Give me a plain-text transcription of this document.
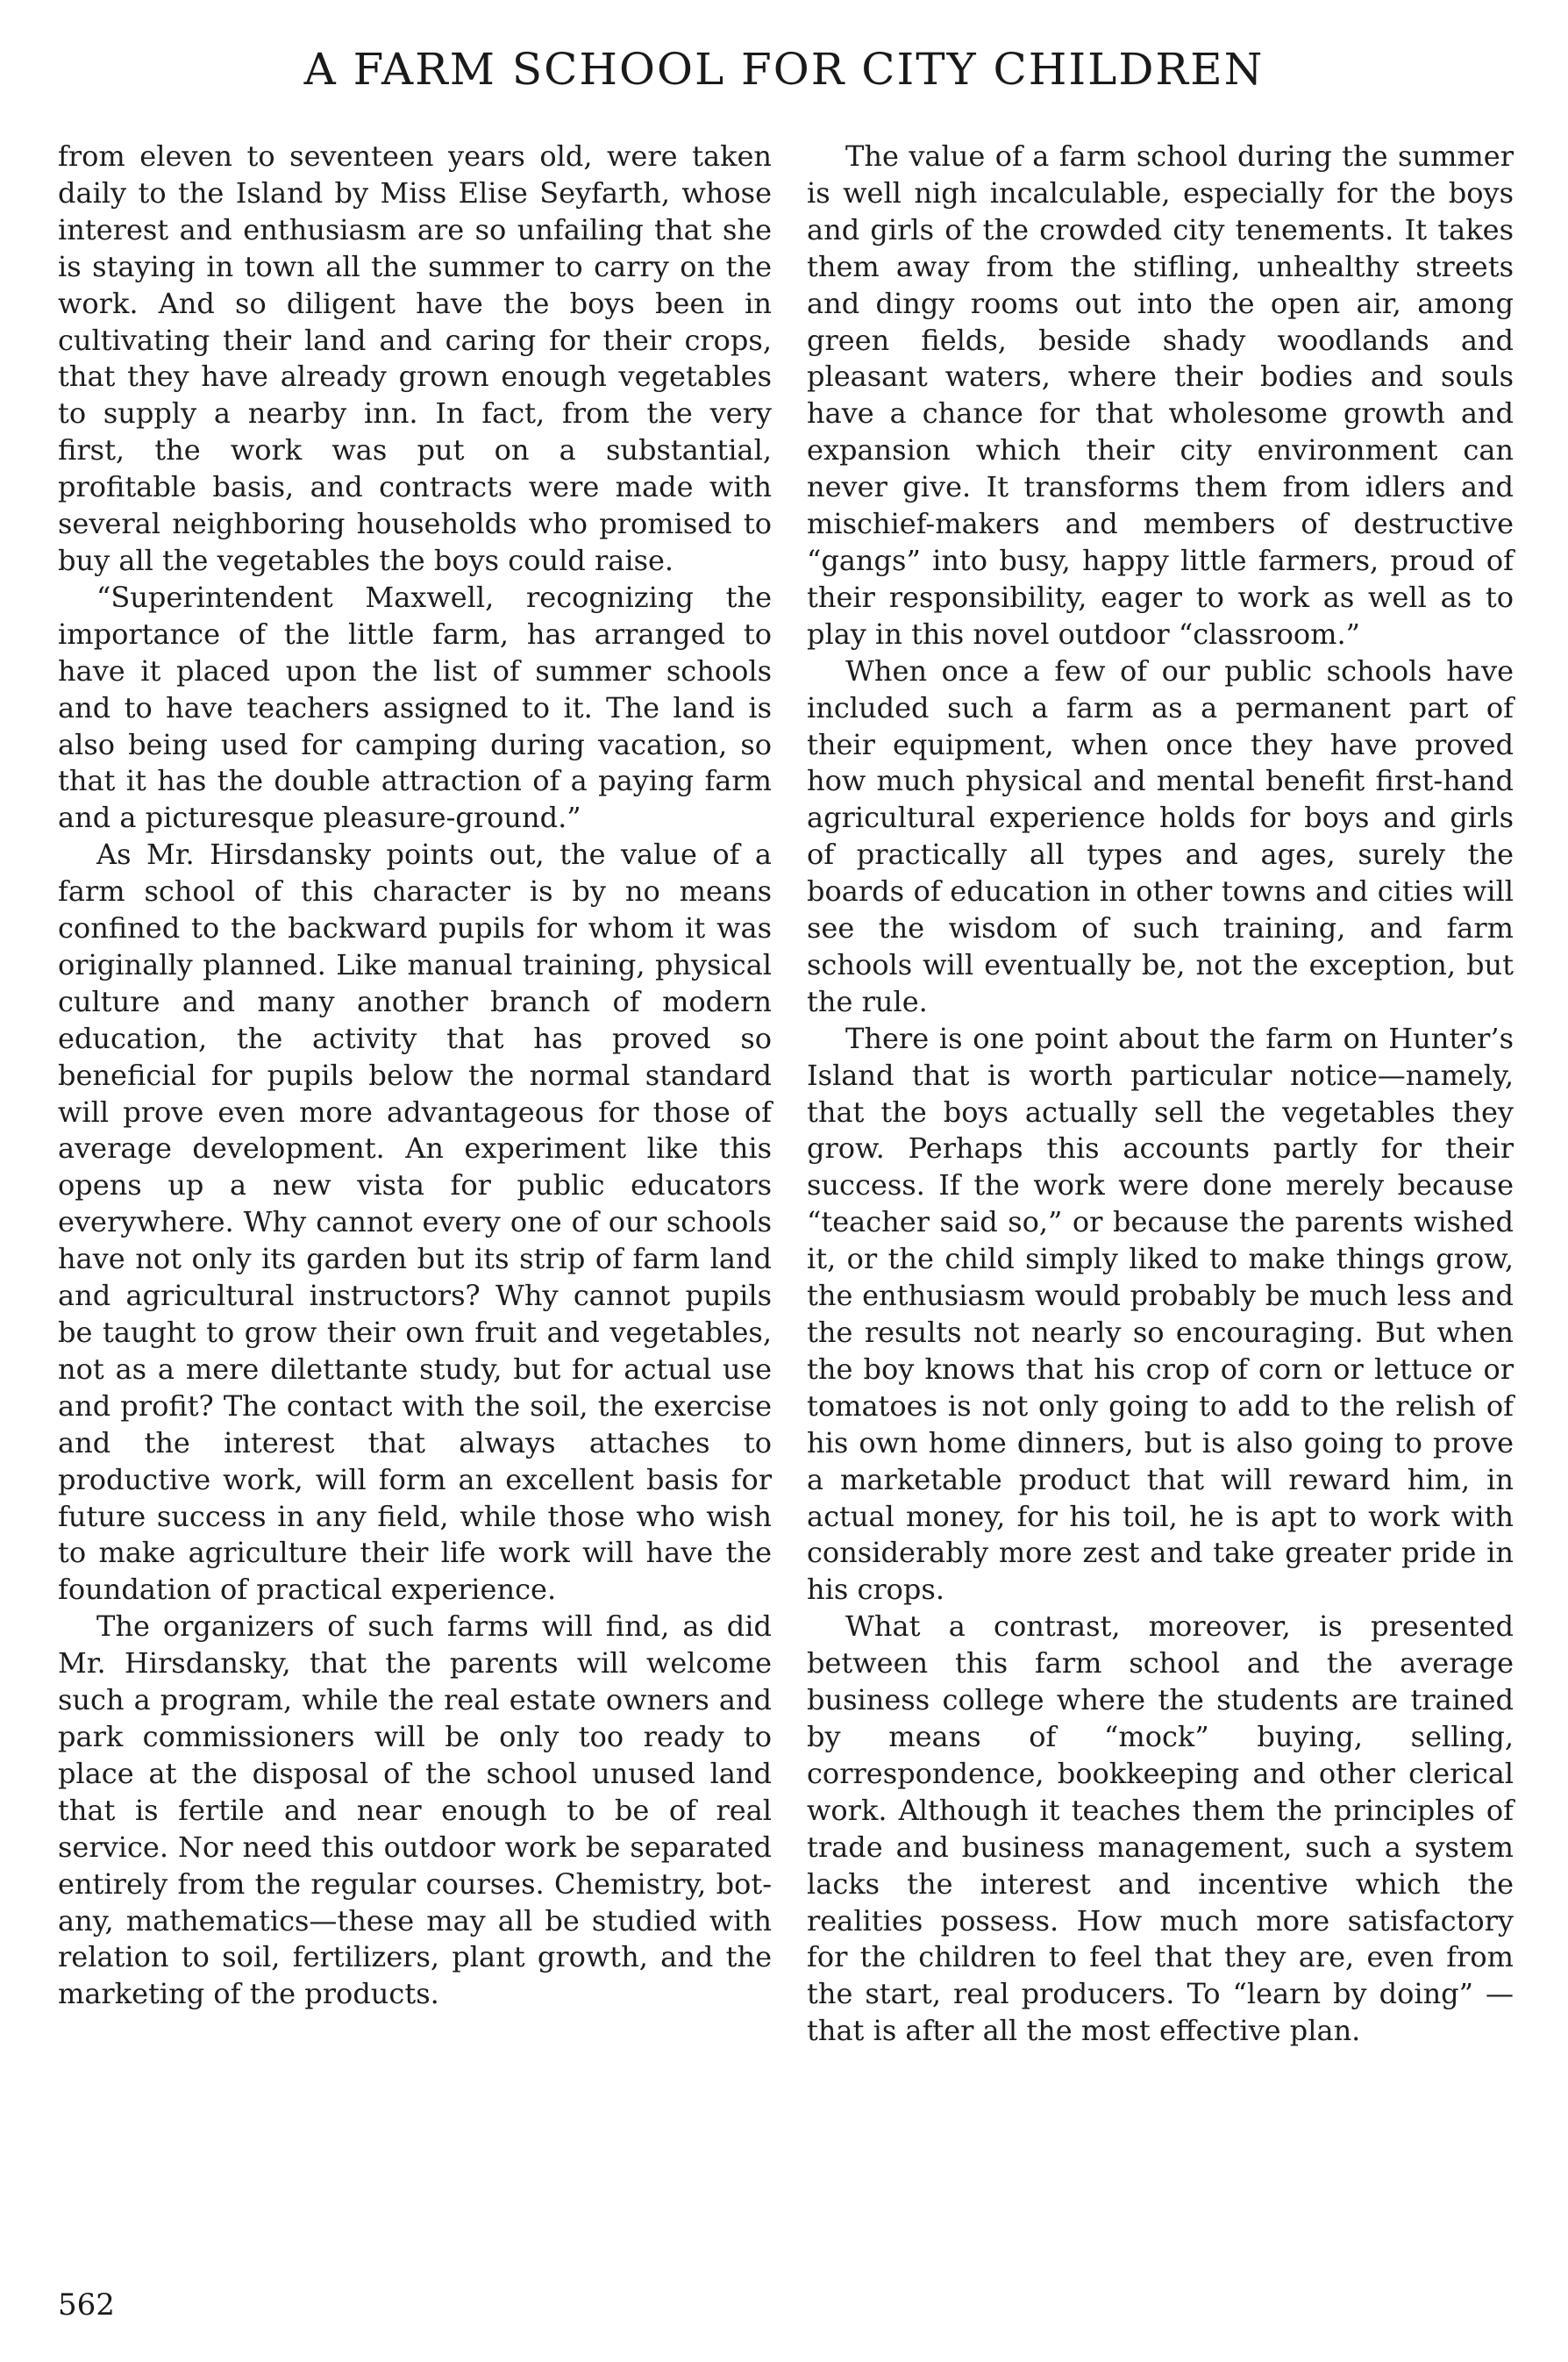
A FARM SCHOOL FOR CITY CHILDREN

from eleven to seventeen years old, were taken daily to the Island by Miss Elise Seyfarth, whose interest and enthusiasm are so unfailing that she is staying in town all the summer to carry on the work. And so diligent have the boys been in cultivating their land and caring for their crops, that they have already grown enough vegetables to supply a nearby inn. In fact, from the very first, the work was put on a substantial, profitable basis, and contracts were made with several neighboring households who promised to buy all the vegetables the boys could raise.

“Superintendent Maxwell, recognizing the importance of the little farm, has arranged to have it placed upon the list of summer schools and to have teachers assigned to it. The land is also being used for camping during vacation, so that it has the double attraction of a paying farm and a picturesque pleasure-ground.”

As Mr. Hirsdansky points out, the value of a farm school of this character is by no means confined to the backward pupils for whom it was originally planned. Like manual training, physical culture and many another branch of modern education, the activity that has proved so beneficial for pupils below the normal standard will prove even more advantageous for those of average development. An experiment like this opens up a new vista for public educators everywhere. Why cannot every one of our schools have not only its garden but its strip of farm land and agricultural instructors? Why cannot pupils be taught to grow their own fruit and vegetables, not as a mere dilettante study, but for actual use and profit? The contact with the soil, the exercise and the interest that always attaches to productive work, will form an excellent basis for future success in any field, while those who wish to make agriculture their life work will have the foundation of practical experience.

The organizers of such farms will find, as did Mr. Hirsdansky, that the parents will welcome such a program, while the real estate owners and park commissioners will be only too ready to place at the disposal of the school unused land that is fertile and near enough to be of real service. Nor need this outdoor work be separated entirely from the regular courses. Chemistry, botany, mathematics—these may all be studied with relation to soil, fertilizers, plant growth, and the marketing of the products.

The value of a farm school during the summer is well nigh incalculable, especially for the boys and girls of the crowded city tenements. It takes them away from the stifling, unhealthy streets and dingy rooms out into the open air, among green fields, beside shady woodlands and pleasant waters, where their bodies and souls have a chance for that wholesome growth and expansion which their city environment can never give. It transforms them from idlers and mischief-makers and members of destructive “gangs” into busy, happy little farmers, proud of their responsibility, eager to work as well as to play in this novel outdoor “classroom.”

When once a few of our public schools have included such a farm as a permanent part of their equipment, when once they have proved how much physical and mental benefit first-hand agricultural experience holds for boys and girls of practically all types and ages, surely the boards of education in other towns and cities will see the wisdom of such training, and farm schools will eventually be, not the exception, but the rule.

There is one point about the farm on Hunter’s Island that is worth particular notice—namely, that the boys actually sell the vegetables they grow. Perhaps this accounts partly for their success. If the work were done merely because “teacher said so,” or because the parents wished it, or the child simply liked to make things grow, the enthusiasm would probably be much less and the results not nearly so encouraging. But when the boy knows that his crop of corn or lettuce or tomatoes is not only going to add to the relish of his own home dinners, but is also going to prove a marketable product that will reward him, in actual money, for his toil, he is apt to work with considerably more zest and take greater pride in his crops.

What a contrast, moreover, is presented between this farm school and the average business college where the students are trained by means of “mock” buying, selling, correspondence, bookkeeping and other clerical work. Although it teaches them the principles of trade and business management, such a system lacks the interest and incentive which the realities possess. How much more satisfactory for the children to feel that they are, even from the start, real producers. To “learn by doing” —that is after all the most effective plan.

562
